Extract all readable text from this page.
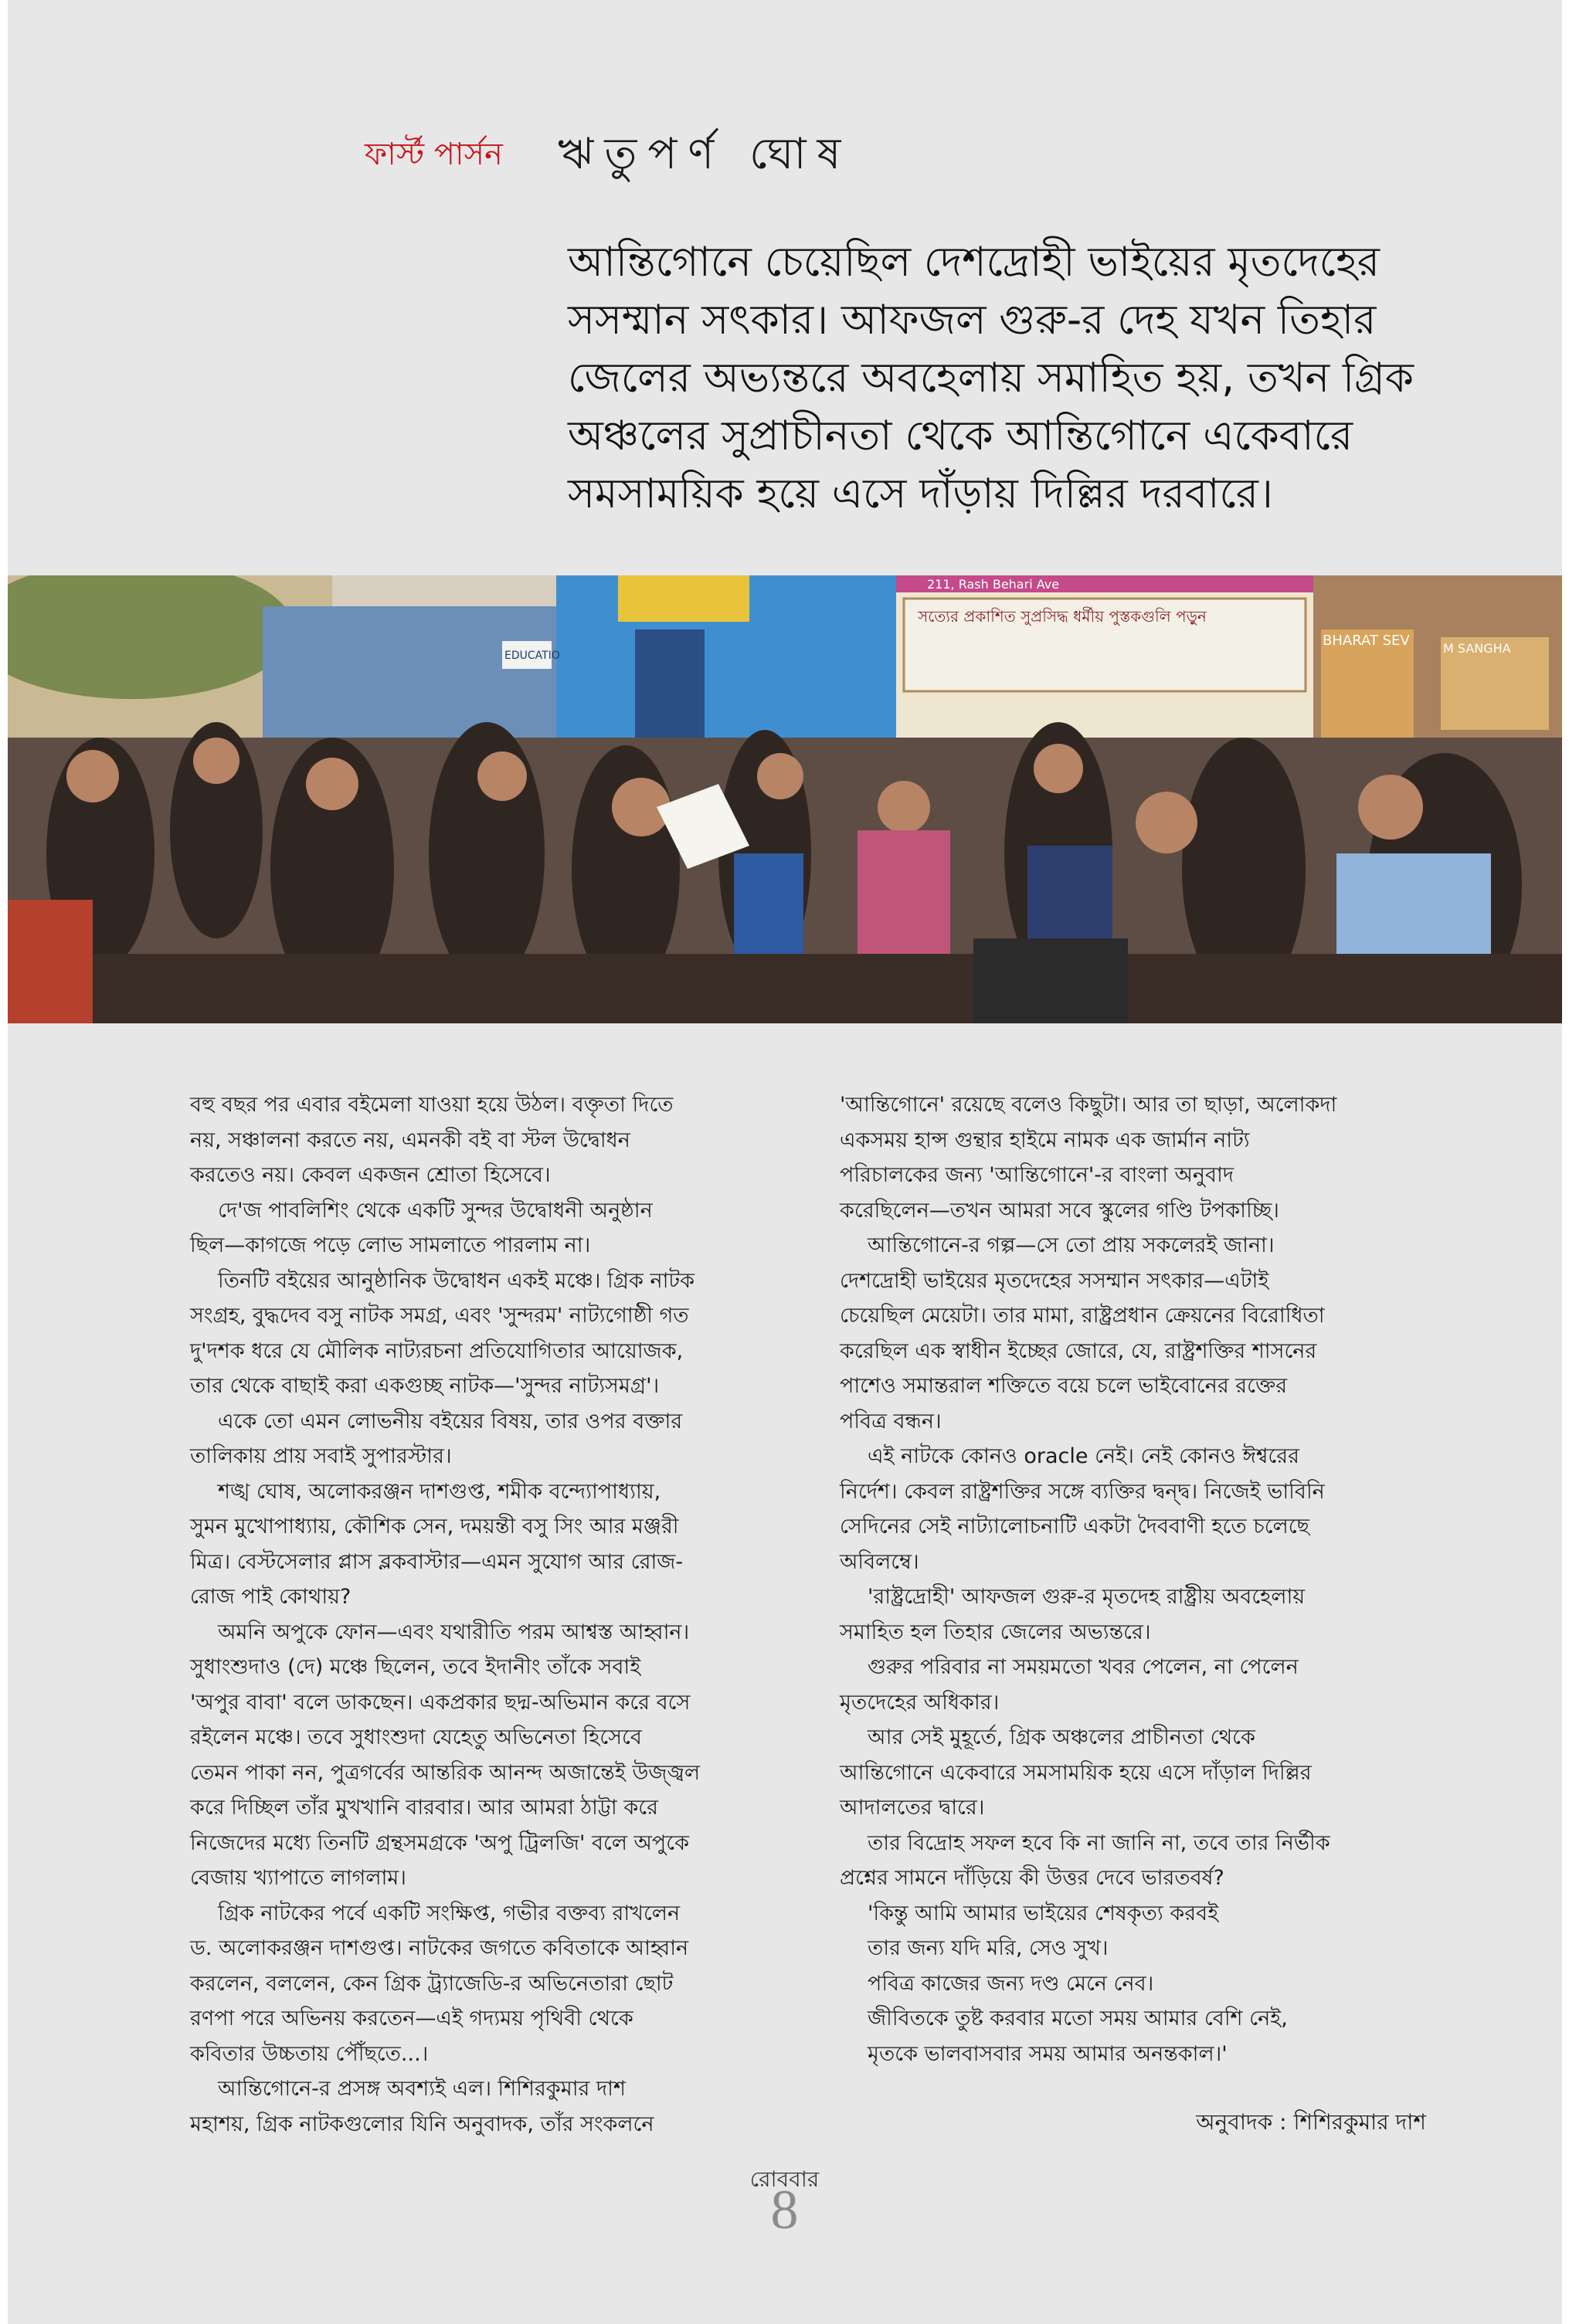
ফার্স্ট পার্সন ঋতুপর্ণ ঘোষ
আন্তিগোনে চেয়েছিল দেশদ্রোহী ভাইয়ের মৃতদেহের
সসম্মান সৎকার। আফজল গুরু-র দেহ যখন তিহার
জেলের অভ্যন্তরে অবহেলায় সমাহিত হয়, তখন গ্রিক
অঞ্চলের সুপ্রাচীনতা থেকে আন্তিগোনে একেবারে
সমসাময়িক হয়ে এসে দাঁড়ায় দিল্লির দরবারে।
211, Rash Behari Ave
সত্যের প্রকাশিত সুপ্রসিদ্ধ ধর্মীয় পুস্তকগুলি পড়ুন
BHARAT SEV	M SANGHA
EDUCATIO

বহু বছর পর এবার বইমেলা যাওয়া হয়ে উঠল। বক্তৃতা দিতে

নয়, সঞ্চালনা করতে নয়, এমনকী বই বা স্টল উদ্বোধন

করতেও নয়। কেবল একজন শ্রোতা হিসেবে।

দে'জ পাবলিশিং থেকে একটি সুন্দর উদ্বোধনী অনুষ্ঠান

ছিল—কাগজে পড়ে লোভ সামলাতে পারলাম না।

তিনটি বইয়ের আনুষ্ঠানিক উদ্বোধন একই মঞ্চে। গ্রিক নাটক

সংগ্রহ, বুদ্ধদেব বসু নাটক সমগ্র, এবং 'সুন্দরম' নাট্যগোষ্ঠী গত

দু'দশক ধরে যে মৌলিক নাট্যরচনা প্রতিযোগিতার আয়োজক,

তার থেকে বাছাই করা একগুচ্ছ নাটক—'সুন্দর নাট্যসমগ্র'।

একে তো এমন লোভনীয় বইয়ের বিষয়, তার ওপর বক্তার

তালিকায় প্রায় সবাই সুপারস্টার।

শঙ্খ ঘোষ, অলোকরঞ্জন দাশগুপ্ত, শমীক বন্দ্যোপাধ্যায়,

সুমন মুখোপাধ্যায়, কৌশিক সেন, দময়ন্তী বসু সিং আর মঞ্জরী

মিত্র। বেস্টসেলার প্লাস ব্লকবাস্টার—এমন সুযোগ আর রোজ-

রোজ পাই কোথায়?

অমনি অপুকে ফোন—এবং যথারীতি পরম আশ্বস্ত আহ্বান।

সুধাংশুদাও (দে) মঞ্চে ছিলেন, তবে ইদানীং তাঁকে সবাই

'অপুর বাবা' বলে ডাকছেন। একপ্রকার ছদ্ম-অভিমান করে বসে

রইলেন মঞ্চে। তবে সুধাংশুদা যেহেতু অভিনেতা হিসেবে

তেমন পাকা নন, পুত্রগর্বের আন্তরিক আনন্দ অজান্তেই উজ্জ্বল

করে দিচ্ছিল তাঁর মুখখানি বারবার। আর আমরা ঠাট্টা করে

নিজেদের মধ্যে তিনটি গ্রন্থসমগ্রকে 'অপু ট্রিলজি' বলে অপুকে

বেজায় খ্যাপাতে লাগলাম।

গ্রিক নাটকের পর্বে একটি সংক্ষিপ্ত, গভীর বক্তব্য রাখলেন

ড. অলোকরঞ্জন দাশগুপ্ত। নাটকের জগতে কবিতাকে আহ্বান

করলেন, বললেন, কেন গ্রিক ট্র্যাজেডি-র অভিনেতারা ছোট

রণপা পরে অভিনয় করতেন—এই গদ্যময় পৃথিবী থেকে

কবিতার উচ্চতায় পৌঁছতে...।

আন্তিগোনে-র প্রসঙ্গ অবশ্যই এল। শিশিরকুমার দাশ

মহাশয়, গ্রিক নাটকগুলোর যিনি অনুবাদক, তাঁর সংকলনে

'আন্তিগোনে' রয়েছে বলেও কিছুটা। আর তা ছাড়া, অলোকদা

একসময় হান্স গুন্থার হাইমে নামক এক জার্মান নাট্য

পরিচালকের জন্য 'আন্তিগোনে'-র বাংলা অনুবাদ

করেছিলেন—তখন আমরা সবে স্কুলের গণ্ডি টপকাচ্ছি।

আন্তিগোনে-র গল্প—সে তো প্রায় সকলেরই জানা।

দেশদ্রোহী ভাইয়ের মৃতদেহের সসম্মান সৎকার—এটাই

চেয়েছিল মেয়েটা। তার মামা, রাষ্ট্রপ্রধান ক্রেয়নের বিরোধিতা

করেছিল এক স্বাধীন ইচ্ছের জোরে, যে, রাষ্ট্রশক্তির শাসনের

পাশেও সমান্তরাল শক্তিতে বয়ে চলে ভাইবোনের রক্তের

পবিত্র বন্ধন।

এই নাটকে কোনও oracle নেই। নেই কোনও ঈশ্বরের

নির্দেশ। কেবল রাষ্ট্রশক্তির সঙ্গে ব্যক্তির দ্বন্দ্ব। নিজেই ভাবিনি

সেদিনের সেই নাট্যালোচনাটি একটা দৈববাণী হতে চলেছে

অবিলম্বে।

'রাষ্ট্রদ্রোহী' আফজল গুরু-র মৃতদেহ রাষ্ট্রীয় অবহেলায়

সমাহিত হল তিহার জেলের অভ্যন্তরে।

গুরুর পরিবার না সময়মতো খবর পেলেন, না পেলেন

মৃতদেহের অধিকার।

আর সেই মুহূর্তে, গ্রিক অঞ্চলের প্রাচীনতা থেকে

আন্তিগোনে একেবারে সমসাময়িক হয়ে এসে দাঁড়াল দিল্লির

আদালতের দ্বারে।

তার বিদ্রোহ সফল হবে কি না জানি না, তবে তার নির্ভীক

প্রশ্নের সামনে দাঁড়িয়ে কী উত্তর দেবে ভারতবর্ষ?

'কিন্তু আমি আমার ভাইয়ের শেষকৃত্য করবই

তার জন্য যদি মরি, সেও সুখ।

পবিত্র কাজের জন্য দণ্ড মেনে নেব।

জীবিতকে তুষ্ট করবার মতো সময় আমার বেশি নেই,

মৃতকে ভালবাসবার সময় আমার অনন্তকাল।'

অনুবাদক : শিশিরকুমার দাশ
রোববার
8
